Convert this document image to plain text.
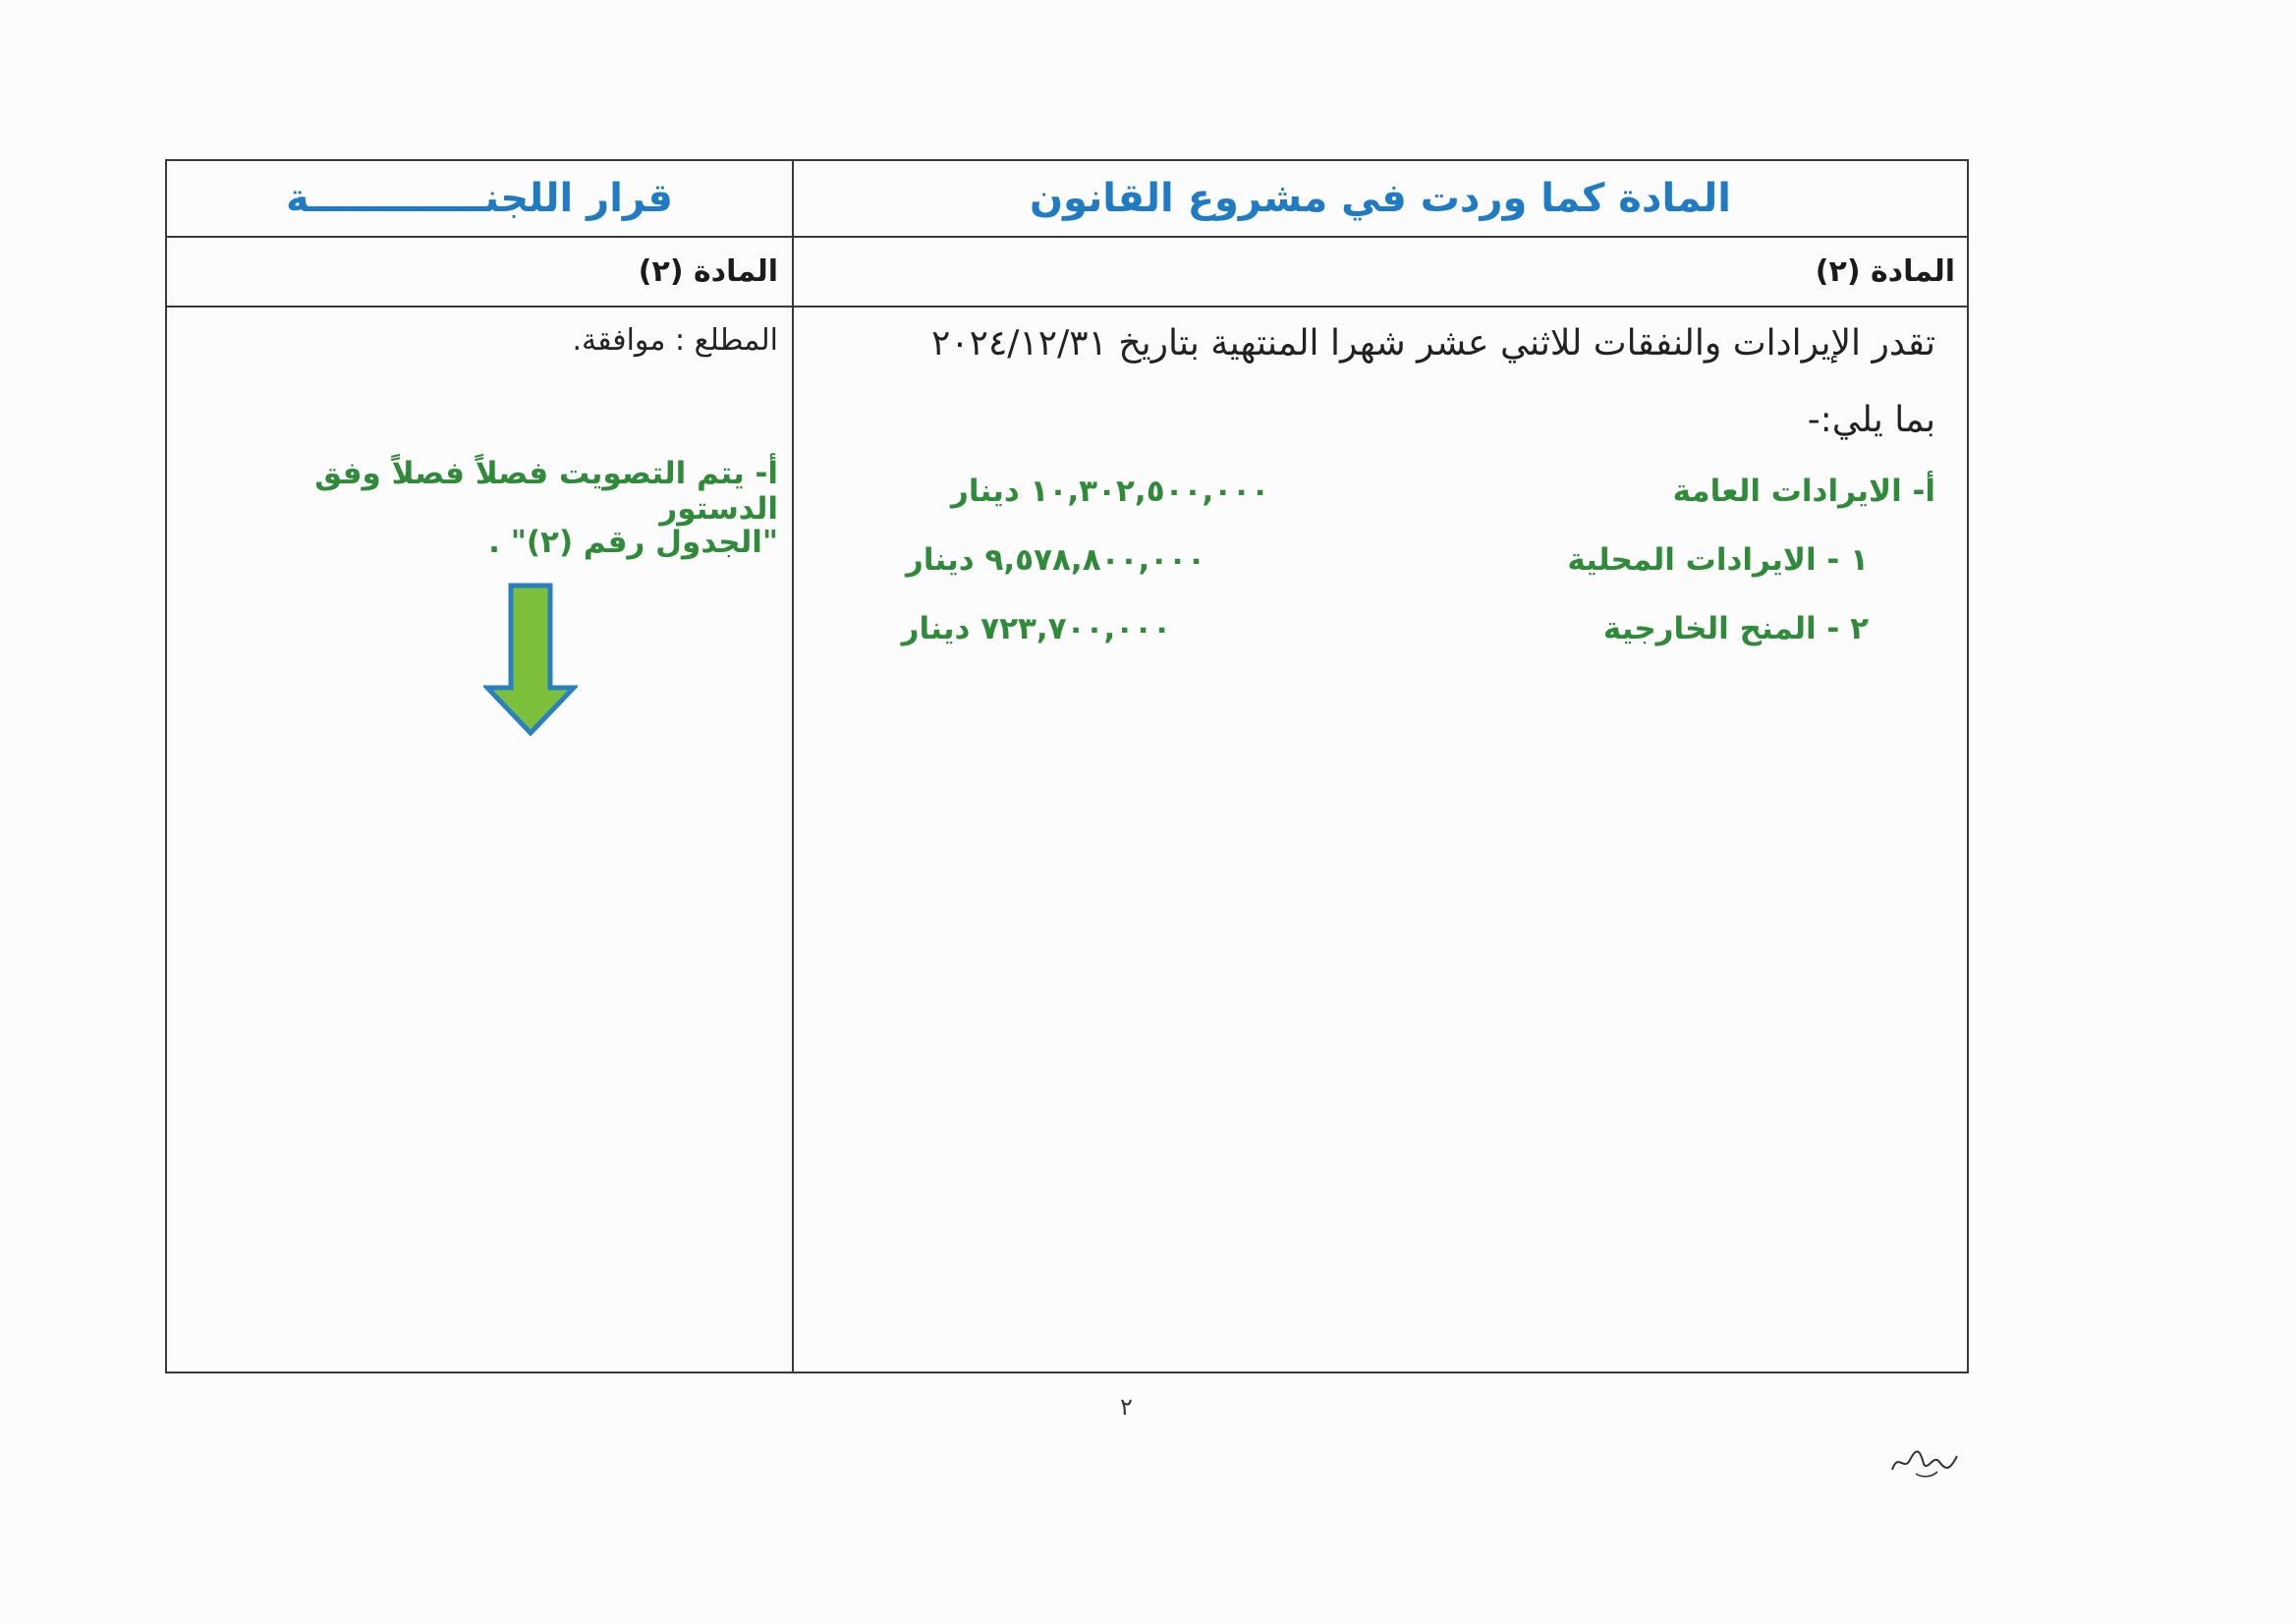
المادة كما وردت في مشروع القانون
قرار اللجنـــــــــــــة
المادة (٢)
المادة (٢)
تقدر الإيرادات والنفقات للاثني عشر شهرا المنتهية بتاريخ ٢٠٢٤/١٢/٣١
بما يلي:-
أ- الايرادات العامة
١٠,٣٠٢,٥٠٠,٠٠٠ دينار
١ - الايرادات المحلية
٩,٥٧٨,٨٠٠,٠٠٠ دينار
٢ - المنح الخارجية
٧٢٣,٧٠٠,٠٠٠ دينار
المطلع : موافقة.
أ- يتم التصويت فصلاً فصلاً وفق الدستور
"الجدول رقم (٢)" .
٢
